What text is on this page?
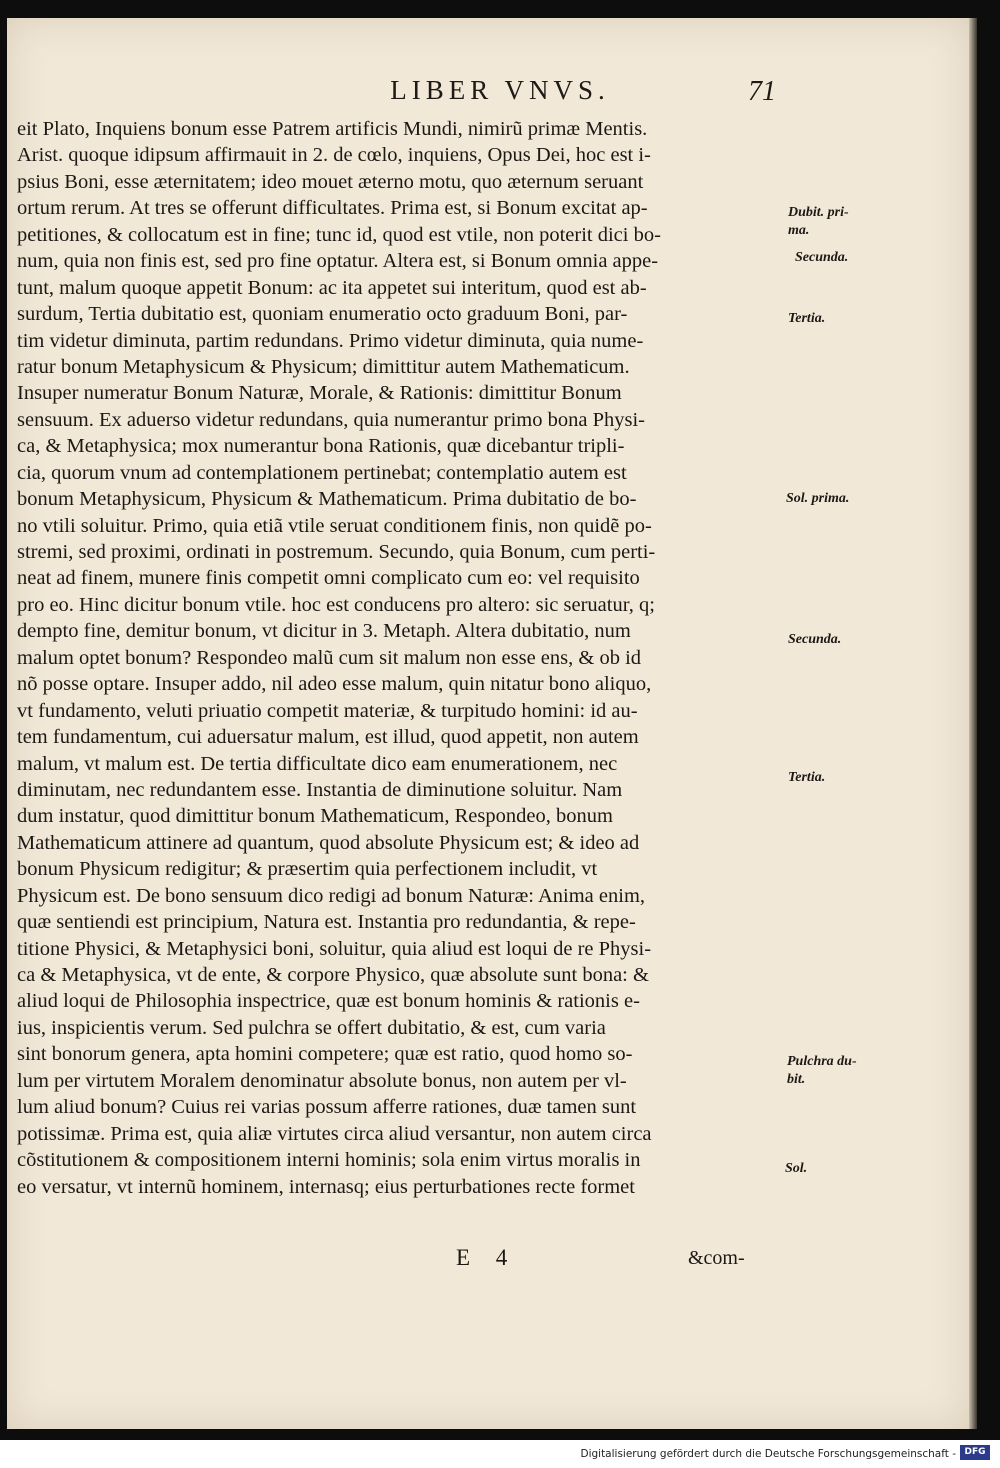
LIBER VNVS.	71
eit Plato, Inquiens bonum esse Patrem artificis Mundi, nimirũ primæ Mentis.
Arist. quoque idipsum affirmauit in 2. de cœlo, inquiens, Opus Dei, hoc est i-
psius Boni, esse æternitatem; ideo mouet æterno motu, quo æternum seruant
ortum rerum. At tres se offerunt difficultates. Prima est, si Bonum excitat ap-
petitiones, & collocatum est in fine; tunc id, quod est vtile, non poterit dici bo-
num, quia non finis est, sed pro fine optatur. Altera est, si Bonum omnia appe-
tunt, malum quoque appetit Bonum: ac ita appetet sui interitum, quod est ab-
surdum, Tertia dubitatio est, quoniam enumeratio octo graduum Boni, par-
tim videtur diminuta, partim redundans. Primo videtur diminuta, quia nume-
ratur bonum Metaphysicum & Physicum; dimittitur autem Mathematicum.
Insuper numeratur Bonum Naturæ, Morale, & Rationis: dimittitur Bonum
sensuum. Ex aduerso videtur redundans, quia numerantur primo bona Physi-
ca, & Metaphysica; mox numerantur bona Rationis, quæ dicebantur tripli-
cia, quorum vnum ad contemplationem pertinebat; contemplatio autem est
bonum Metaphysicum, Physicum & Mathematicum. Prima dubitatio de bo-
no vtili soluitur. Primo, quia etiã vtile seruat conditionem finis, non quidẽ po-
stremi, sed proximi, ordinati in postremum. Secundo, quia Bonum, cum perti-
neat ad finem, munere finis competit omni complicato cum eo: vel requisito
pro eo. Hinc dicitur bonum vtile. hoc est conducens pro altero: sic seruatur, q;
dempto fine, demitur bonum, vt dicitur in 3. Metaph. Altera dubitatio, num
malum optet bonum? Respondeo malũ cum sit malum non esse ens, & ob id
nõ posse optare. Insuper addo, nil adeo esse malum, quin nitatur bono aliquo,
vt fundamento, veluti priuatio competit materiæ, & turpitudo homini: id au-
tem fundamentum, cui aduersatur malum, est illud, quod appetit, non autem
malum, vt malum est. De tertia difficultate dico eam enumerationem, nec
diminutam, nec redundantem esse. Instantia de diminutione soluitur. Nam
dum instatur, quod dimittitur bonum Mathematicum, Respondeo, bonum
Mathematicum attinere ad quantum, quod absolute Physicum est; & ideo ad
bonum Physicum redigitur; & præsertim quia perfectionem includit, vt
Physicum est. De bono sensuum dico redigi ad bonum Naturæ: Anima enim,
quæ sentiendi est principium, Natura est. Instantia pro redundantia, & repe-
titione Physici, & Metaphysici boni, soluitur, quia aliud est loqui de re Physi-
ca & Metaphysica, vt de ente, & corpore Physico, quæ absolute sunt bona: &
aliud loqui de Philosophia inspectrice, quæ est bonum hominis & rationis e-
ius, inspicientis verum. Sed pulchra se offert dubitatio, & est, cum varia
sint bonorum genera, apta homini competere; quæ est ratio, quod homo so-
lum per virtutem Moralem denominatur absolute bonus, non autem per vl-
lum aliud bonum? Cuius rei varias possum afferre rationes, duæ tamen sunt
potissimæ. Prima est, quia aliæ virtutes circa aliud versantur, non autem circa
cõstitutionem & compositionem interni hominis; sola enim virtus moralis in
eo versatur, vt internũ hominem, internasq; eius perturbationes recte formet
Dubit. pri-
ma.
Secunda.
Tertia.
Sol. prima.
Secunda.
Tertia.
Pulchra du-
bit.
Sol.
E 4	&com-
Digitalisierung gefördert durch die Deutsche Forschungsgemeinschaft - DFG
